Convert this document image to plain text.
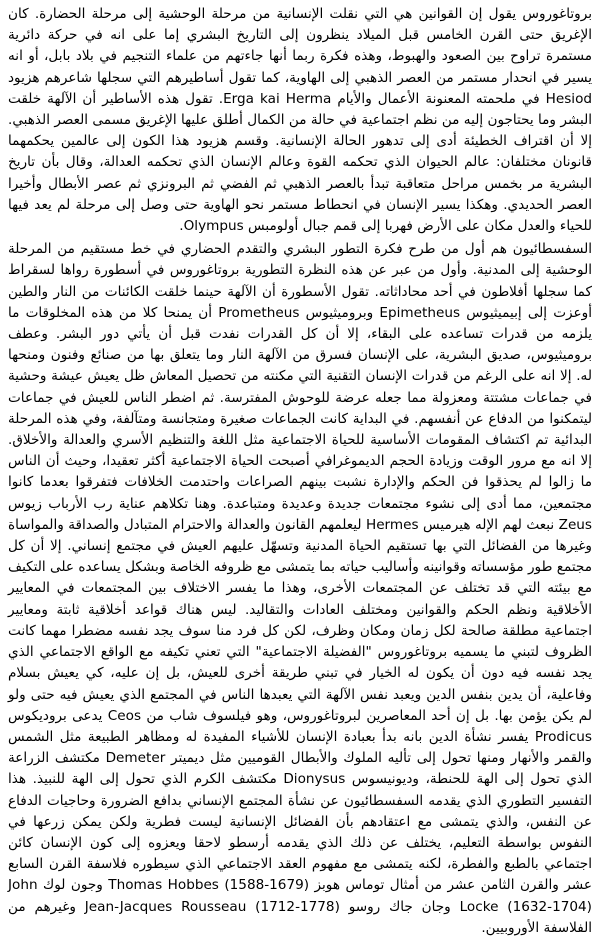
بروتاغوروس يقول إن القوانين هي التي نقلت الإنسانية من مرحلة الوحشية إلى مرحلة الحضارة. كان الإغريق حتى القرن الخامس قبل الميلاد ينظرون إلى التاريخ البشري إما على انه في حركة دائرية مستمرة تراوح بين الصعود والهبوط، وهذه فكرة ربما أنها جاءتهم من علماء التنجيم في بلاد بابل، أو انه يسير في انحدار مستمر من العصر الذهبي إلى الهاوية، كما تقول أساطيرهم التي سجلها شاعرهم هزيود Hesiod في ملحمته المعنونة الأعمال والأيام Erga kai Herma. تقول هذه الأساطير أن الآلهة خلقت البشر وما يحتاجون إليه من نظم اجتماعية في حالة من الكمال أطلق عليها الإغريق مسمى العصر الذهبي. إلا أن اقتراف الخطيئة أدى إلى تدهور الحالة الإنسانية. وقسم هزيود هذا الكون إلى عالمين يحكمهما قانونان مختلفان: عالم الحيوان الذي تحكمه القوة وعالم الإنسان الذي تحكمه العدالة، وقال بأن تاريخ البشرية مر بخمس مراحل متعاقبة تبدأ بالعصر الذهبي ثم الفضي ثم البرونزي ثم عصر الأبطال وأخيرا العصر الحديدي. وهكذا يسير الإنسان في انحطاط مستمر نحو الهاوية حتى وصل إلى مرحلة لم يعد فيها للحياء والعدل مكان على الأرض فهربا إلى قمم جبال أولومبس Olympus.

السفسطائيون هم أول من طرح فكرة التطور البشري والتقدم الحضاري في خط مستقيم من المرحلة الوحشية إلى المدنية. وأول من عبر عن هذه النظرة التطورية بروتاغوروس في أسطورة رواها لسقراط كما سجلها أفلاطون في أحد محاداثاته. تقول الأسطورة أن الآلهة حينما خلقت الكائنات من النار والطين أوعزت إلى إبيميثيوس Epimetheus وبروميثيوس Prometheus أن يمنحا كلا من هذه المخلوقات ما يلزمه من قدرات تساعده على البقاء، إلا أن كل القدرات نفدت قبل أن يأتي دور البشر. وعطف بروميثيوس، صديق البشرية، على الإنسان فسرق من الآلهة النار وما يتعلق بها من صنائع وفنون ومنحها له. إلا انه على الرغم من قدرات الإنسان التقنية التي مكنته من تحصيل المعاش ظل يعيش عيشة وحشية في جماعات مشتتة ومعزولة مما جعله عرضة للوحوش المفترسة. ثم اضطر الناس للعيش في جماعات ليتمكنوا من الدفاع عن أنفسهم. في البداية كانت الجماعات صغيرة ومتجانسة ومتآلفة، وفي هذه المرحلة البدائية تم اكتشاف المقومات الأساسية للحياة الاجتماعية مثل اللغة والتنظيم الأسري والعدالة والأخلاق. إلا انه مع مرور الوقت وزيادة الحجم الديموغرافي أصبحت الحياة الاجتماعية أكثر تعقيدا، وحيث أن الناس ما زالوا لم يحذقوا فن الحكم والإدارة نشبت بينهم الصراعات واحتدمت الخلافات فتفرقوا بعدما كانوا مجتمعين، مما أدى إلى نشوء مجتمعات جديدة وعديدة ومتباعدة. وهنا تكلاهم عناية رب الأرباب زيوس Zeus نبعث لهم الإله هيرميس Hermes ليعلمهم القانون والعدالة والاحترام المتبادل والصداقة والمواساة وغيرها من الفضائل التي بها تستقيم الحياة المدنية وتسهّل عليهم العيش في مجتمع إنساني. إلا أن كل مجتمع طور مؤسساته وقوانينه وأساليب حياته بما يتمشى مع ظروفه الخاصة وبشكل يساعده على التكيف مع بيئته التي قد تختلف عن المجتمعات الأخرى، وهذا ما يفسر الاختلاف بين المجتمعات في المعايير الأخلاقية ونظم الحكم والقوانين ومختلف العادات والتقاليد. ليس هناك قواعد أخلاقية ثابتة ومعايير اجتماعية مطلقة صالحة لكل زمان ومكان وظرف، لكن كل فرد منا سوف يجد نفسه مضطرا مهما كانت الظروف لتبني ما يسميه بروتاغوروس "الفضيلة الاجتماعية" التي تعني تكيفه مع الواقع الاجتماعي الذي يجد نفسه فيه دون أن يكون له الخيار في تبني طريقة أخرى للعيش، بل إن عليه، كي يعيش بسلام وفاعلية، أن يدين بنفس الدين ويعبد نفس الآلهة التي يعبدها الناس في المجتمع الذي يعيش فيه حتى ولو لم يكن يؤمن بها. بل إن أحد المعاصرين لبروتاغوروس، وهو فيلسوف شاب من Ceos يدعى بروديكوس Prodicus يفسر نشأة الدين بانه بدأ بعبادة الإنسان للأشياء المفيدة له ومظاهر الطبيعة مثل الشمس والقمر والأنهار ومنها تحول إلى تأليه الملوك والأبطال القوميين مثل ديميتر Demeter مكتشف الزراعة الذي تحول إلى الهة للحنطة، وديونيسوس Dionysus مكتشف الكرم الذي تحول إلى الهة للنبيذ. هذا التفسير التطوري الذي يقدمه السفسطائيون عن نشأة المجتمع الإنساني بدافع الضرورة وحاجيات الدفاع عن النفس، والذي يتمشى مع اعتقادهم بأن الفضائل الإنسانية ليست فطرية ولكن يمكن زرعها في النفوس بواسطة التعليم، يختلف عن ذلك الذي يقدمه أرسطو لاحقا ويعزوه إلى كون الإنسان كائن اجتماعي بالطبع والفطرة، لكنه يتمشى مع مفهوم العقد الاجتماعي الذي سيطوره فلاسفة القرن السابع عشر والقرن الثامن عشر من أمثال توماس هوبز Thomas Hobbes (1588-1679) وجون لوك John Locke (1632-1704) وجان جاك روسو Jean-Jacques Rousseau (1712-1778) وغيرهم من الفلاسفة الأوروبيين.
